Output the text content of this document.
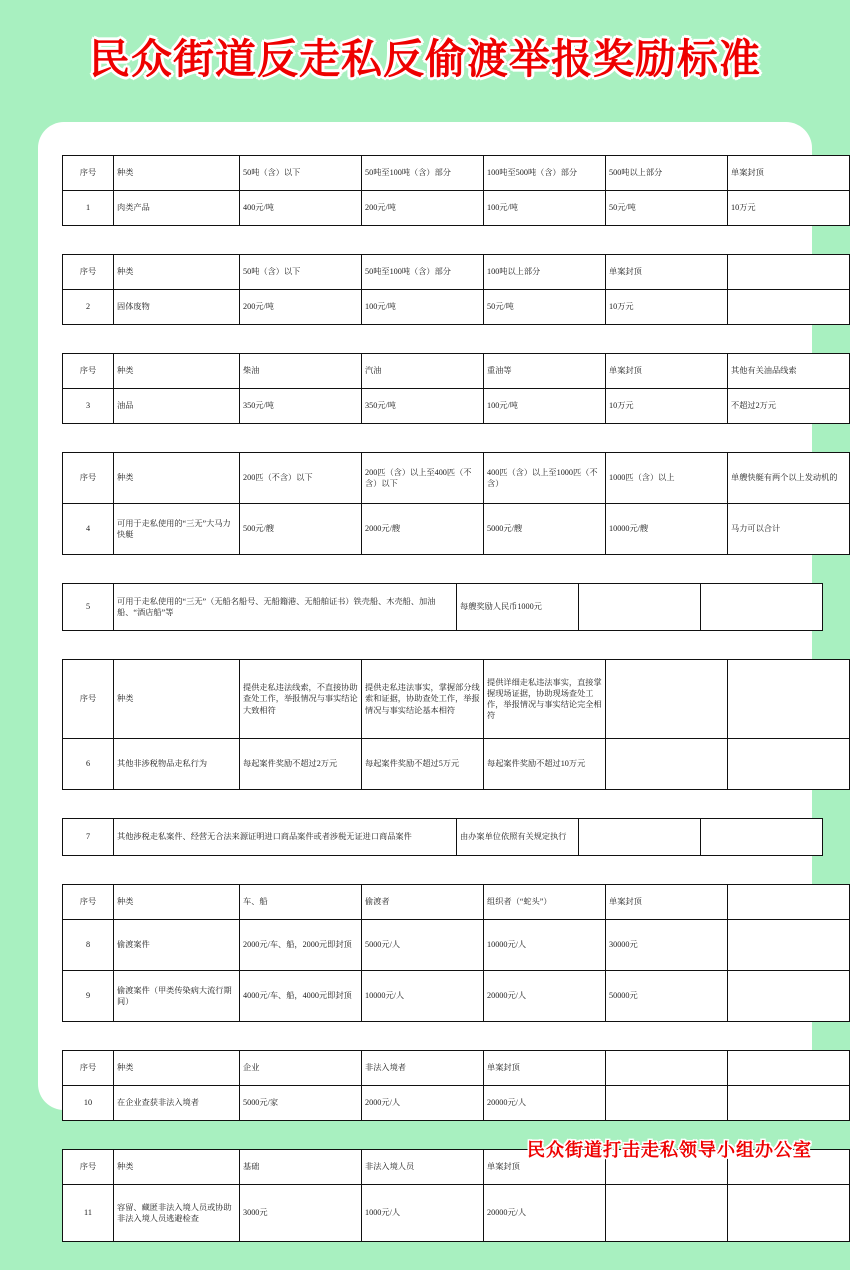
民众街道反走私反偷渡举报奖励标准
序号	种类	50吨（含）以下	50吨至100吨（含）部分	100吨至500吨（含）部分	500吨以上部分	单案封顶
1	肉类产品	400元/吨	200元/吨	100元/吨	50元/吨	10万元
序号	种类	50吨（含）以下	50吨至100吨（含）部分	100吨以上部分	单案封顶	
2	固体废物	200元/吨	100元/吨	50元/吨	10万元	
序号	种类	柴油	汽油	重油等	单案封顶	其他有关油品线索
3	油品	350元/吨	350元/吨	100元/吨	10万元	不超过2万元
序号	种类	200匹（不含）以下	200匹（含）以上至400匹（不含）以下	400匹（含）以上至1000匹（不含）	1000匹（含）以上	单艘快艇有两个以上发动机的
4	可用于走私使用的“三无”大马力快艇	500元/艘	2000元/艘	5000元/艘	10000元/艘	马力可以合计
5	可用于走私使用的“三无”（无船名船号、无船籍港、无船舶证书）铁壳船、木壳船、加油船、“酒店船”等	每艘奖励人民币1000元		
序号	种类	提供走私违法线索，不直接协助查处工作，举报情况与事实结论大致相符	提供走私违法事实，掌握部分线索和证据，协助查处工作，举报情况与事实结论基本相符	提供详细走私违法事实，直接掌握现场证据，协助现场查处工作，举报情况与事实结论完全相符		
6	其他非涉税物品走私行为	每起案件奖励不超过2万元	每起案件奖励不超过5万元	每起案件奖励不超过10万元		
7	其他涉税走私案件、经营无合法来源证明进口商品案件或者涉税无证进口商品案件	由办案单位依照有关规定执行		
序号	种类	车、船	偷渡者	组织者（“蛇头”）	单案封顶	
8	偷渡案件	2000元/车、船，2000元即封顶	5000元/人	10000元/人	30000元	
9	偷渡案件（甲类传染病大流行期间）	4000元/车、船，4000元即封顶	10000元/人	20000元/人	50000元	
序号	种类	企业	非法入境者	单案封顶		
10	在企业查获非法入境者	5000元/家	2000元/人	20000元/人		
序号	种类	基础	非法入境人员	单案封顶		
11	容留、藏匿非法入境人员或协助非法入境人员逃避检查	3000元	1000元/人	20000元/人		
民众街道打击走私领导小组办公室
